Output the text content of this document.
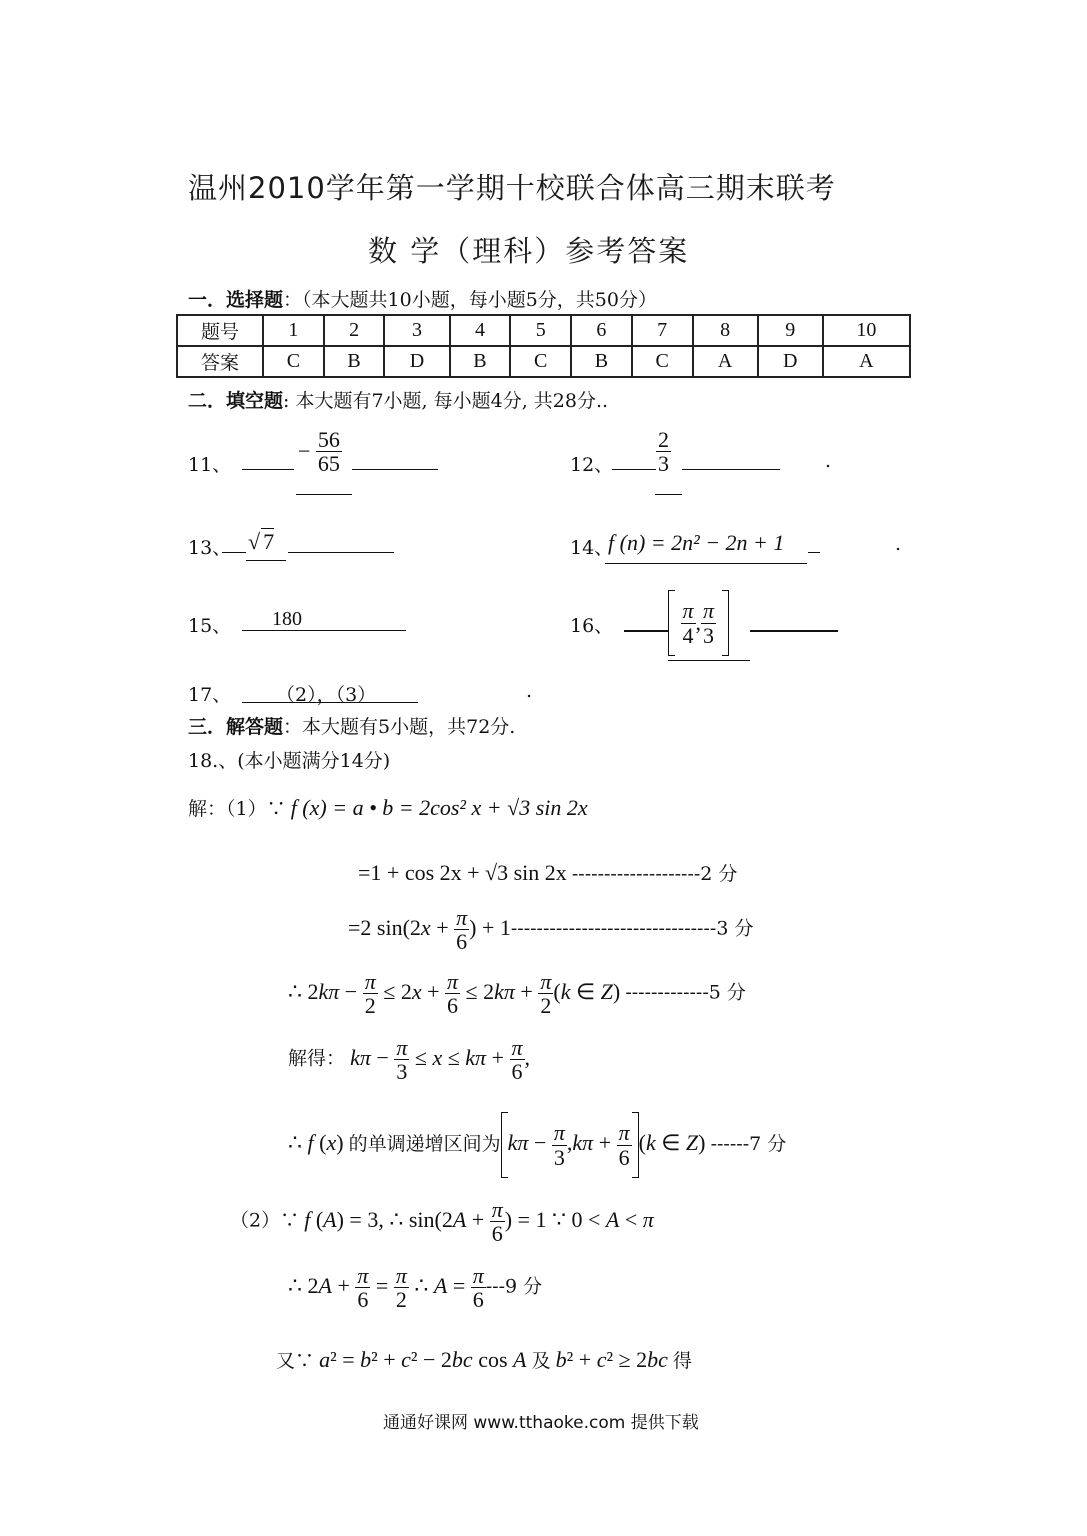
温州2010学年第一学期十校联合体高三期末联考
数 学（理科）参考答案
一．选择题：（本大题共10小题，每小题5分，共50分）
题号	1	2	3	4	5	6	7	8	9	10
答案	C	B	D	B	C	B	C	A	D	A
二．填空题: 本大题有7小题, 每小题4分, 共28分..
11、
− $\frac{56}{65}$	12、 $\frac{2}{3}$	.
13、 √ 7	14、
f (n) = 2n² − 2n + 1	.
15、 180	16、
	$\frac{\pi}{4}$ , $\frac{\pi}{3}$

17、 （2），（3）	.
三．解答题：本大题有5小题，共72分.
18.、(本小题满分14分)
解：（1）∵ f (x) = a • b = 2cos² x + √3 sin 2x
=1 + cos 2x + √3 sin 2x --------------------2 分
=2 $\sin(2x + \frac{\pi}{6}$ ) + 1--------------------------------3 分
∴ $2k\pi - \frac{\pi}{2} \le 2x + \frac{\pi}{6} \le 2k\pi + \frac{\pi}{2} (k$ ∈ Z) -------------5 分
解得： $k\pi - \frac{\pi}{3} \le x \le k\pi + \frac{\pi}{6}$ ,
∴ f (x) 的单调递增区间为 $k\pi - \frac{\pi}{3} ,k\pi + \frac{\pi}{6} (k$ ∈ Z) ------7 分
（2）∵ f (A) = 3, ∴ $\sin(2A + \frac{\pi}{6}$ ) = 1 ∵ 0 < A < π
∴ $2A + \frac{\pi}{6} = \frac{\pi}{2}$ ∴ $A = \frac{\pi}{6} ---9$ 分
又∵ a² = b² + c² − 2bc cos A 及 b² + c² ≥ 2bc 得
通通好课网 www.tthaoke.com 提供下载
